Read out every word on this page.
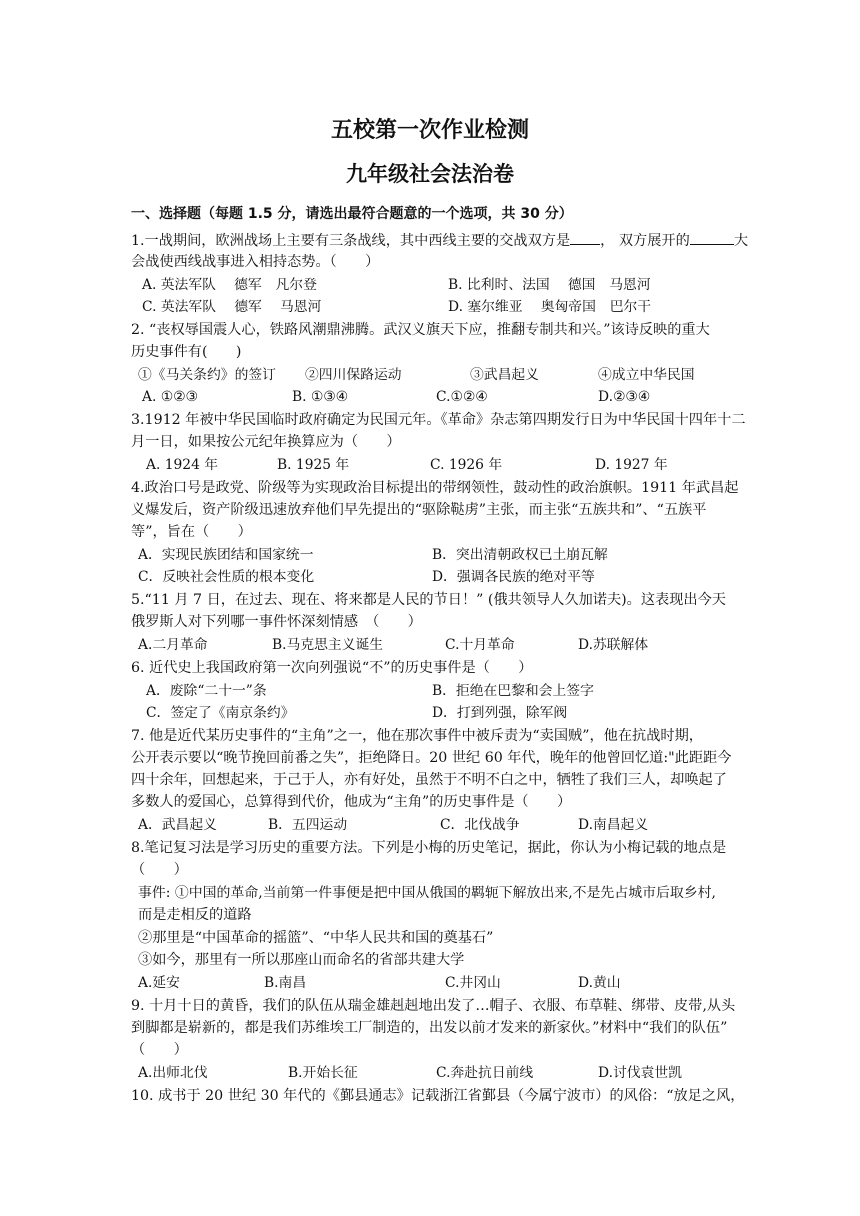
五校第一次作业检测
九年级社会法治卷
一、选择题（每题 1.5 分，请选出最符合题意的一个选项，共 30 分）
1.一战期间，欧洲战场上主要有三条战线，其中西线主要的交战双方是 ， 双方展开的	大
会战使西线战事进入相持态势。（　　）
A. 英法军队　 德军　凡尔登	B. 比利时、法国　 德国　马恩河
C. 英法军队　 德军　 马恩河	D. 塞尔维亚　 奥匈帝国　巴尔干
2. “丧权辱国震人心，铁路风潮鼎沸腾。武汉义旗天下应，推翻专制共和兴。”该诗反映的重大
历史事件有(　　)
①《马关条约》的签订 ②四川保路运动	③武昌起义	④成立中华民国
A. ①②③	B. ①③④	C.①②④	D.②③④
3.1912 年被中华民国临时政府确定为民国元年。《革命》杂志第四期发行日为中华民国十四年十二
月一日，如果按公元纪年换算应为（　　）
A. 1924 年	B. 1925 年	C. 1926 年	D. 1927 年
4.政治口号是政党、阶级等为实现政治目标提出的带纲领性，鼓动性的政治旗帜。1911 年武昌起
义爆发后，资产阶级迅速放弃他们早先提出的“驱除鞑虏”主张，而主张“五族共和”、“五族平
等”，旨在（　　）
A．实现民族团结和国家统一	B．突出清朝政权已土崩瓦解
C．反映社会性质的根本变化	D．强调各民族的绝对平等
5.“11 月 7 日，在过去、现在、将来都是人民的节日！” (俄共领导人久加诺夫)。这表现出今天
俄罗斯人对下列哪一事件怀深刻情感　（　　）
A.二月革命	B.马克思主义诞生	C.十月革命	D.苏联解体
6. 近代史上我国政府第一次向列强说“不”的历史事件是（　　）
A．废除“二十一”条	B．拒绝在巴黎和会上签字
C．签定了《南京条约》	D．打到列强，除军阀
7. 他是近代某历史事件的“主角”之一，他在那次事件中被斥责为“卖国贼”，他在抗战时期，
公开表示要以“晚节挽回前番之失”，拒绝降日。20 世纪 60 年代，晚年的他曾回忆道:"此距距今
四十余年，回想起来，于己于人，亦有好处，虽然于不明不白之中，牺牲了我们三人，却唤起了
多数人的爱国心，总算得到代价，他成为“主角”的历史事件是（　　）
A．武昌起义	B．五四运动	C．北伐战争	D.南昌起义
8.笔记复习法是学习历史的重要方法。下列是小梅的历史笔记，据此，你认为小梅记载的地点是
（　　）
事件: ①中国的革命,当前第一件事便是把中国从俄国的羁轭下解放出来,不是先占城市后取乡村,
而是走相反的道路
②那里是“中国革命的摇篮”、“中华人民共和国的奠基石”
③如今，那里有一所以那座山而命名的省部共建大学
A.延安	B.南昌	C.井冈山	D.黄山
9. 十月十日的黄昏，我们的队伍从瑞金雄赳赳地出发了…帽子、衣服、布草鞋、绑带、皮带,从头
到脚都是崭新的，都是我们苏维埃工厂制造的，出发以前才发来的新家伙。”材料中“我们的队伍”
（　　）
A.出师北伐	B.开始长征	C.奔赴抗日前线	D.讨伐袁世凯
10. 成书于 20 世纪 30 年代的《鄞县通志》记载浙江省鄞县（今属宁波市）的风俗：“放足之风，
